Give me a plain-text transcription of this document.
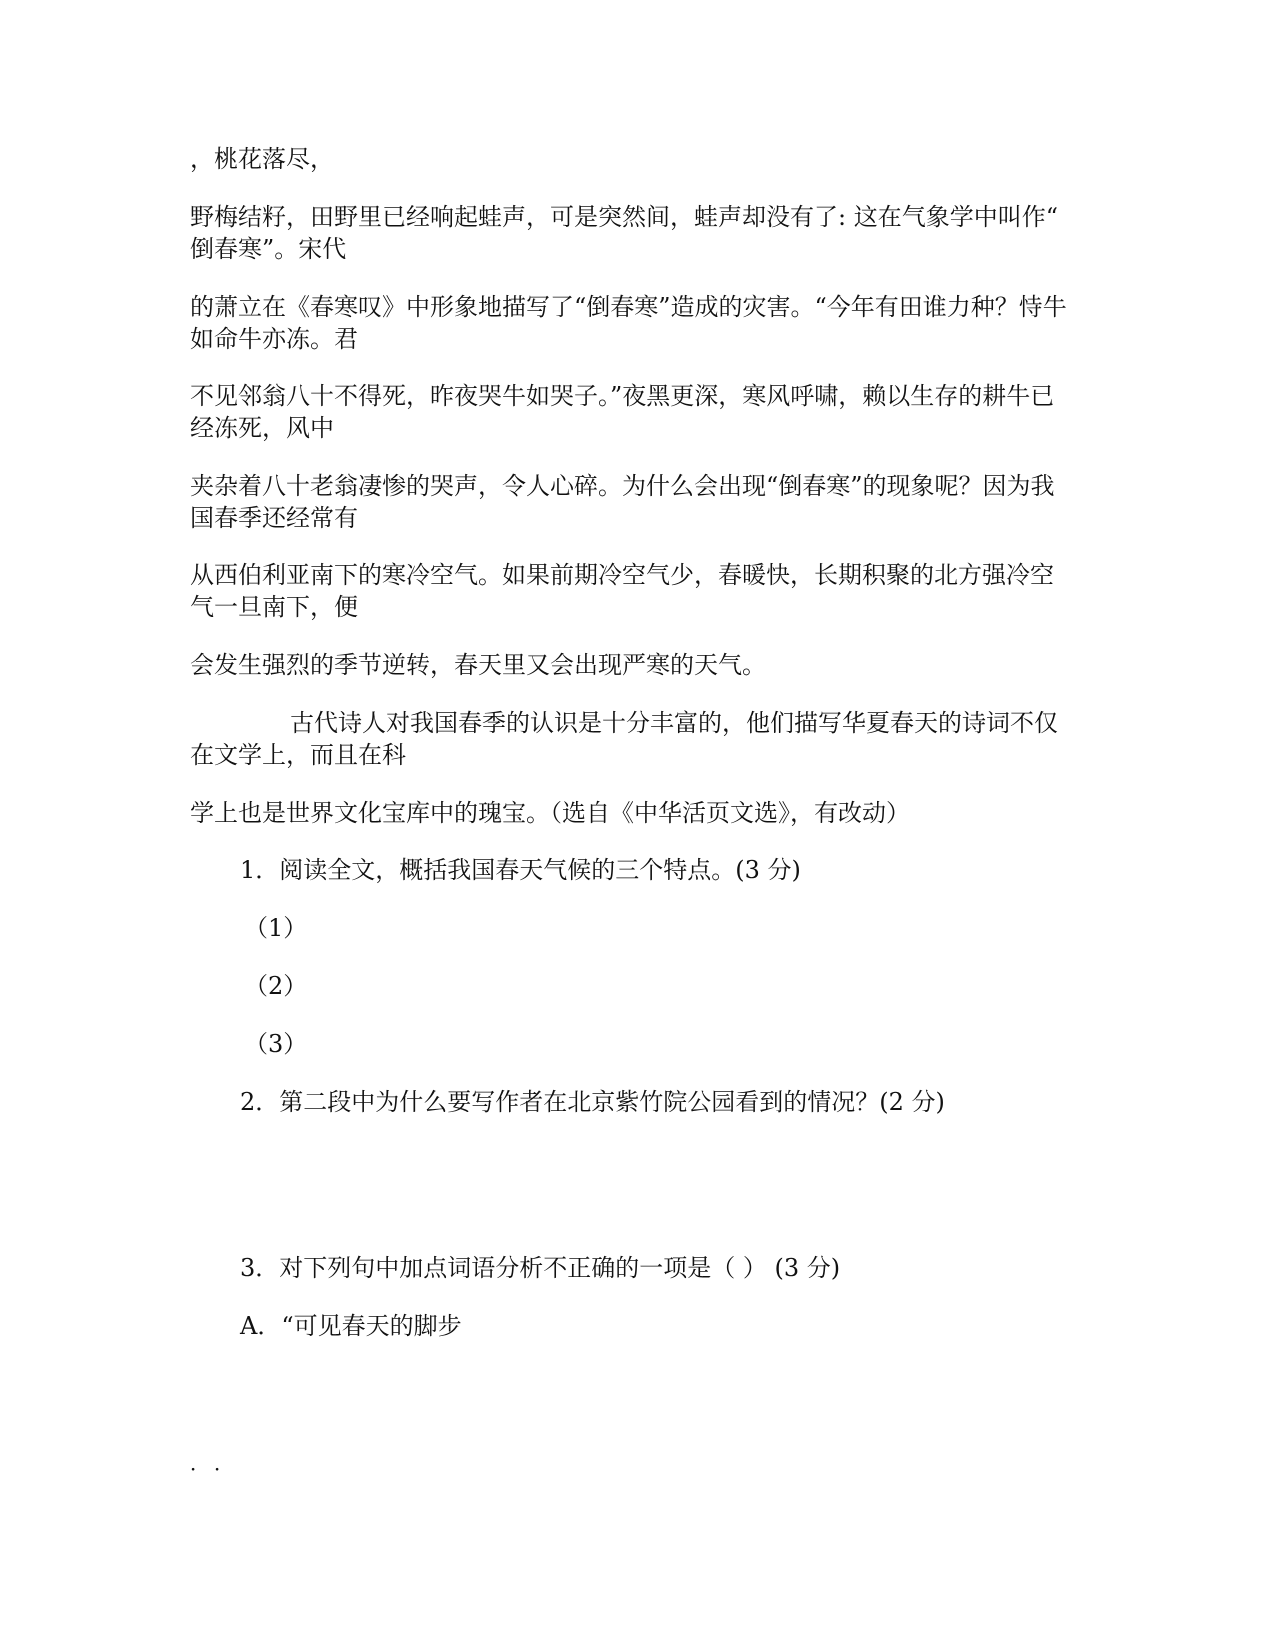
，桃花落尽，
野梅结籽，田野里已经响起蛙声，可是突然间，蛙声却没有了: 这在气象学中叫作“
倒春寒”。宋代
的萧立在《春寒叹》中形象地描写了“倒春寒”造成的灾害。“今年有田谁力种？恃牛
如命牛亦冻。君
不见邻翁八十不得死，昨夜哭牛如哭子。”夜黑更深，寒风呼啸，赖以生存的耕牛已
经冻死，风中
夹杂着八十老翁凄惨的哭声，令人心碎。为什么会出现“倒春寒”的现象呢？因为我
国春季还经常有
从西伯利亚南下的寒冷空气。如果前期冷空气少，春暖快，长期积聚的北方强冷空
气一旦南下，便
会发生强烈的季节逆转，春天里又会出现严寒的天气。
古代诗人对我国春季的认识是十分丰富的，他们描写华夏春天的诗词不仅
在文学上，而且在科
学上也是世界文化宝库中的瑰宝。（选自《中华活页文选》，有改动）
1．阅读全文，概括我国春天气候的三个特点。(3 分)
（1）
（2）
（3）
2．第二段中为什么要写作者在北京紫竹院公园看到的情况？(2 分)
3．对下列句中加点词语分析不正确的一项是（ ） (3 分)
A．“可见春天的脚步
．．
